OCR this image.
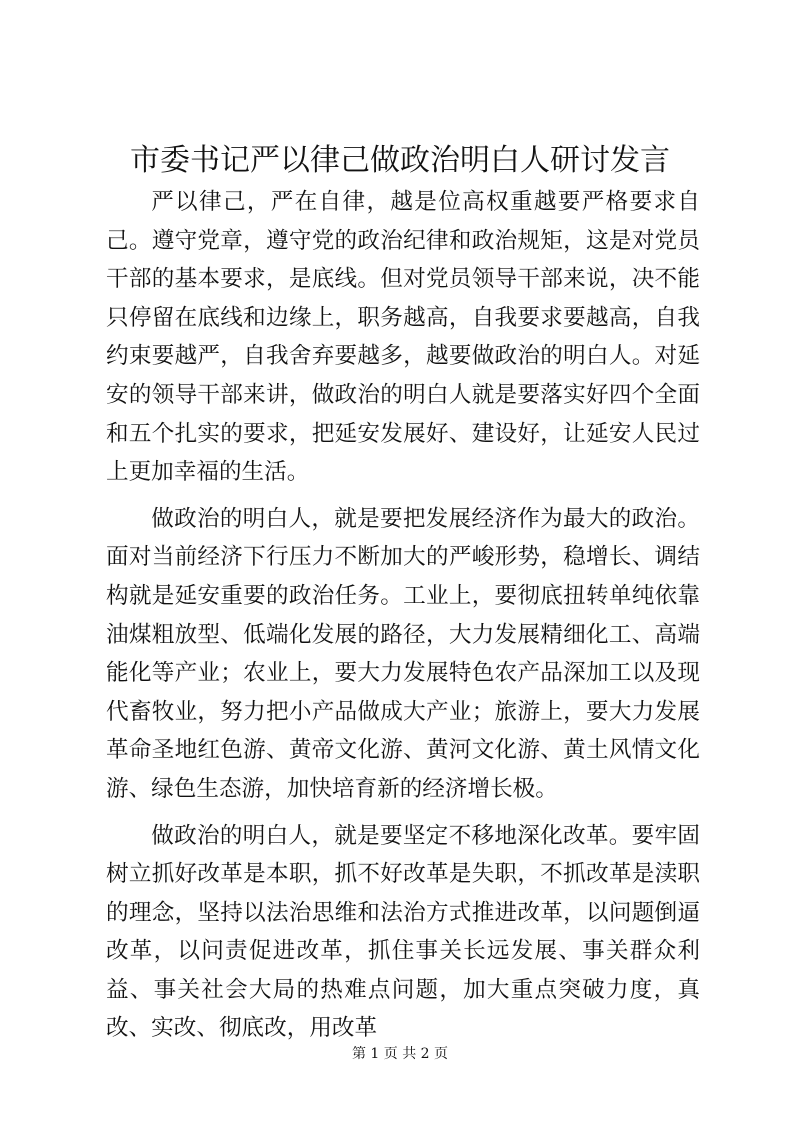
市委书记严以律己做政治明白人研讨发言

严以律己，严在自律，越是位高权重越要严格要求自己。遵守党章，遵守党的政治纪律和政治规矩，这是对党员干部的基本要求，是底线。但对党员领导干部来说，决不能只停留在底线和边缘上，职务越高，自我要求要越高，自我约束要越严，自我舍弃要越多，越要做政治的明白人。对延安的领导干部来讲，做政治的明白人就是要落实好四个全面和五个扎实的要求，把延安发展好、建设好，让延安人民过上更加幸福的生活。

做政治的明白人，就是要把发展经济作为最大的政治。面对当前经济下行压力不断加大的严峻形势，稳增长、调结构就是延安重要的政治任务。工业上，要彻底扭转单纯依靠油煤粗放型、低端化发展的路径，大力发展精细化工、高端能化等产业；农业上，要大力发展特色农产品深加工以及现代畜牧业，努力把小产品做成大产业；旅游上，要大力发展革命圣地红色游、黄帝文化游、黄河文化游、黄土风情文化游、绿色生态游，加快培育新的经济增长极。

做政治的明白人，就是要坚定不移地深化改革。要牢固树立抓好改革是本职，抓不好改革是失职，不抓改革是渎职的理念，坚持以法治思维和法治方式推进改革，以问题倒逼改革，以问责促进改革，抓住事关长远发展、事关群众利益、事关社会大局的热难点问题，加大重点突破力度，真改、实改、彻底改，用改革

第 1 页 共 2 页
